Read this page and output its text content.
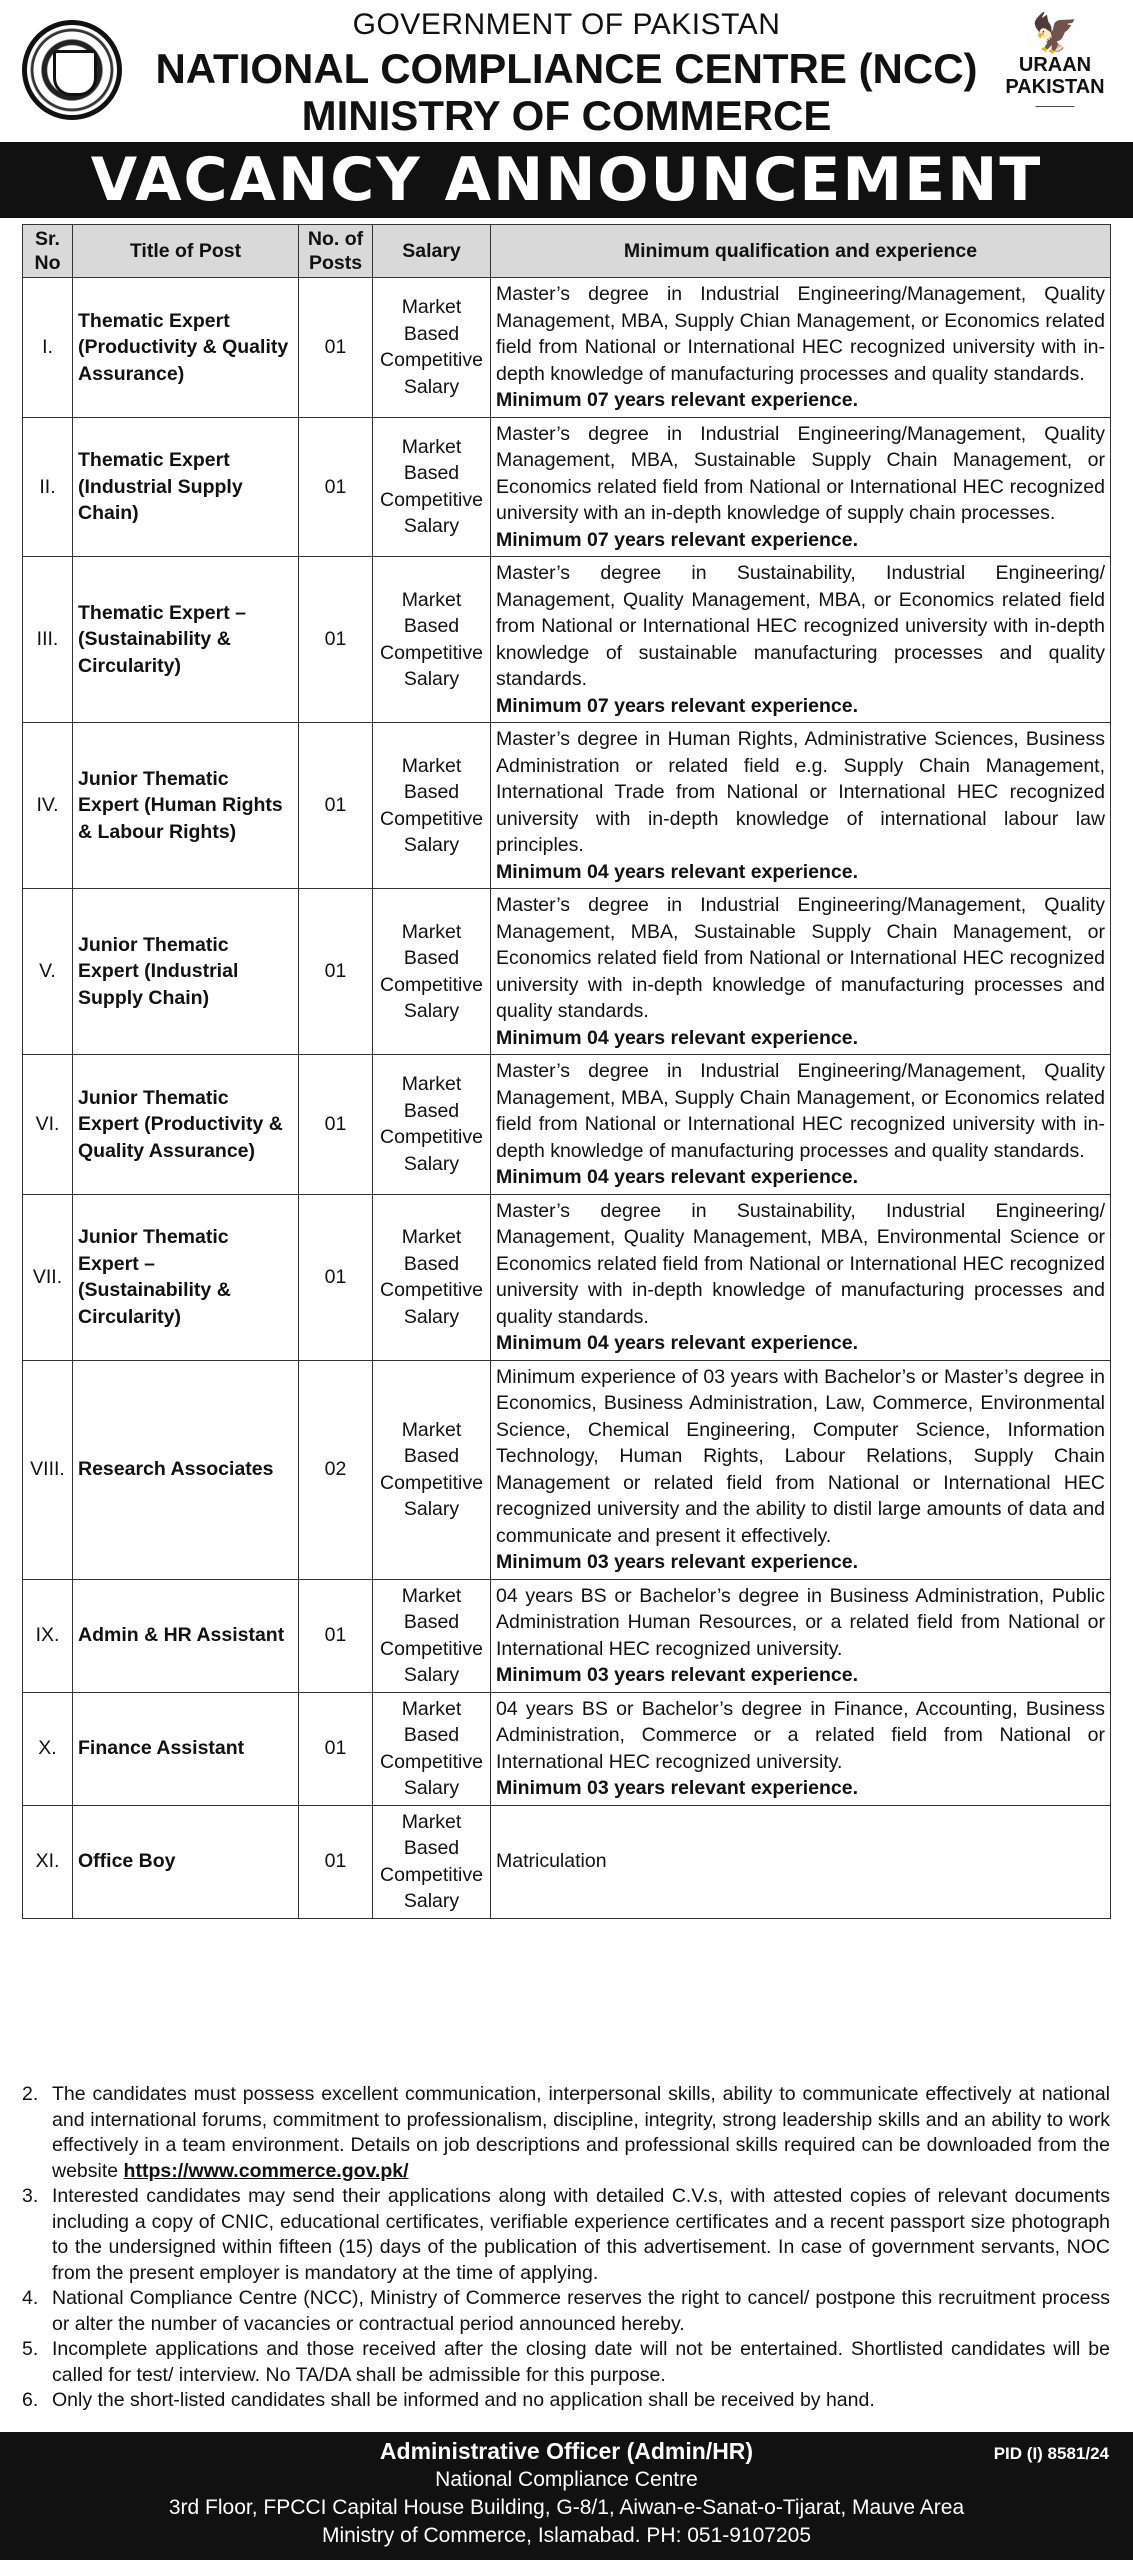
GOVERNMENT OF PAKISTAN
NATIONAL COMPLIANCE CENTRE (NCC)
MINISTRY OF COMMERCE
🦅
URAAN PAKISTAN
———
VACANCY ANNOUNCEMENT
Sr. No	Title of Post	No. of Posts	Salary	Minimum qualification and experience
I.	Thematic Expert (Productivity & Quality Assurance)	01	Market Based Competitive Salary	Master’s degree in Industrial Engineering/Management, Quality Management, MBA, Supply Chian Management, or Economics related field from National or International HEC recognized university with in-depth knowledge of manufacturing processes and quality standards.
Minimum 07 years relevant experience.

II.	Thematic Expert (Industrial Supply Chain)	01	Market Based Competitive Salary	Master’s degree in Industrial Engineering/Management, Quality Management, MBA, Sustainable Supply Chain Management, or Economics related field from National or International HEC recognized university with an in-depth knowledge of supply chain processes.
Minimum 07 years relevant experience.

III.	Thematic Expert – (Sustainability & Circularity)	01	Market Based Competitive Salary	Master’s degree in Sustainability, Industrial Engineering/ Management, Quality Management, MBA, or Economics related field from National or International HEC recognized university with in-depth knowledge of sustainable manufacturing processes and quality standards.
Minimum 07 years relevant experience.

IV.	Junior Thematic Expert (Human Rights & Labour Rights)	01	Market Based Competitive Salary	Master’s degree in Human Rights, Administrative Sciences, Business Administration or related field e.g. Supply Chain Management, International Trade from National or International HEC recognized university with in-depth knowledge of international labour law principles.
Minimum 04 years relevant experience.

V.	Junior Thematic Expert (Industrial Supply Chain)	01	Market Based Competitive Salary	Master’s degree in Industrial Engineering/Management, Quality Management, MBA, Sustainable Supply Chain Management, or Economics related field from National or International HEC recognized university with in-depth knowledge of manufacturing processes and quality standards.
Minimum 04 years relevant experience.

VI.	Junior Thematic Expert (Productivity & Quality Assurance)	01	Market Based Competitive Salary	Master’s degree in Industrial Engineering/Management, Quality Management, MBA, Supply Chain Management, or Economics related field from National or International HEC recognized university with in-depth knowledge of manufacturing processes and quality standards.
Minimum 04 years relevant experience.

VII.	Junior Thematic Expert – (Sustainability & Circularity)	01	Market Based Competitive Salary	Master’s degree in Sustainability, Industrial Engineering/ Management, Quality Management, MBA, Environmental Science or Economics related field from National or International HEC recognized university with in-depth knowledge of manufacturing processes and quality standards.
Minimum 04 years relevant experience.

VIII.	Research Associates	02	Market Based Competitive Salary	Minimum experience of 03 years with Bachelor’s or Master’s degree in Economics, Business Administration, Law, Commerce, Environmental Science, Chemical Engineering, Computer Science, Information Technology, Human Rights, Labour Relations, Supply Chain Management or related field from National or International HEC recognized university and the ability to distil large amounts of data and communicate and present it effectively.
Minimum 03 years relevant experience.

IX.	Admin & HR Assistant	01	Market Based Competitive Salary	04 years BS or Bachelor’s degree in Business Administration, Public Administration Human Resources, or a related field from National or International HEC recognized university.
Minimum 03 years relevant experience.

X.	Finance Assistant	01	Market Based Competitive Salary	04 years BS or Bachelor’s degree in Finance, Accounting, Business Administration, Commerce or a related field from National or International HEC recognized university.
Minimum 03 years relevant experience.

XI.	Office Boy	01	Market Based Competitive Salary	Matriculation
2. The candidates must possess excellent communication, interpersonal skills, ability to communicate effectively at national and international forums, commitment to professionalism, discipline, integrity, strong leadership skills and an ability to work effectively in a team environment. Details on job descriptions and professional skills required can be downloaded from the website https://www.commerce.gov.pk/
3. Interested candidates may send their applications along with detailed C.V.s, with attested copies of relevant documents including a copy of CNIC, educational certificates, verifiable experience certificates and a recent passport size photograph to the undersigned within fifteen (15) days of the publication of this advertisement. In case of government servants, NOC from the present employer is mandatory at the time of applying.
4. National Compliance Centre (NCC), Ministry of Commerce reserves the right to cancel/ postpone this recruitment process or alter the number of vacancies or contractual period announced hereby.
5. Incomplete applications and those received after the closing date will not be entertained. Shortlisted candidates will be called for test/ interview. No TA/DA shall be admissible for this purpose.
6. Only the short-listed candidates shall be informed and no application shall be received by hand.
Administrative Officer (Admin/HR)
National Compliance Centre
3rd Floor, FPCCI Capital House Building, G-8/1, Aiwan-e-Sanat-o-Tijarat, Mauve Area
Ministry of Commerce, Islamabad. PH: 051-9107205
PID (I) 8581/24
